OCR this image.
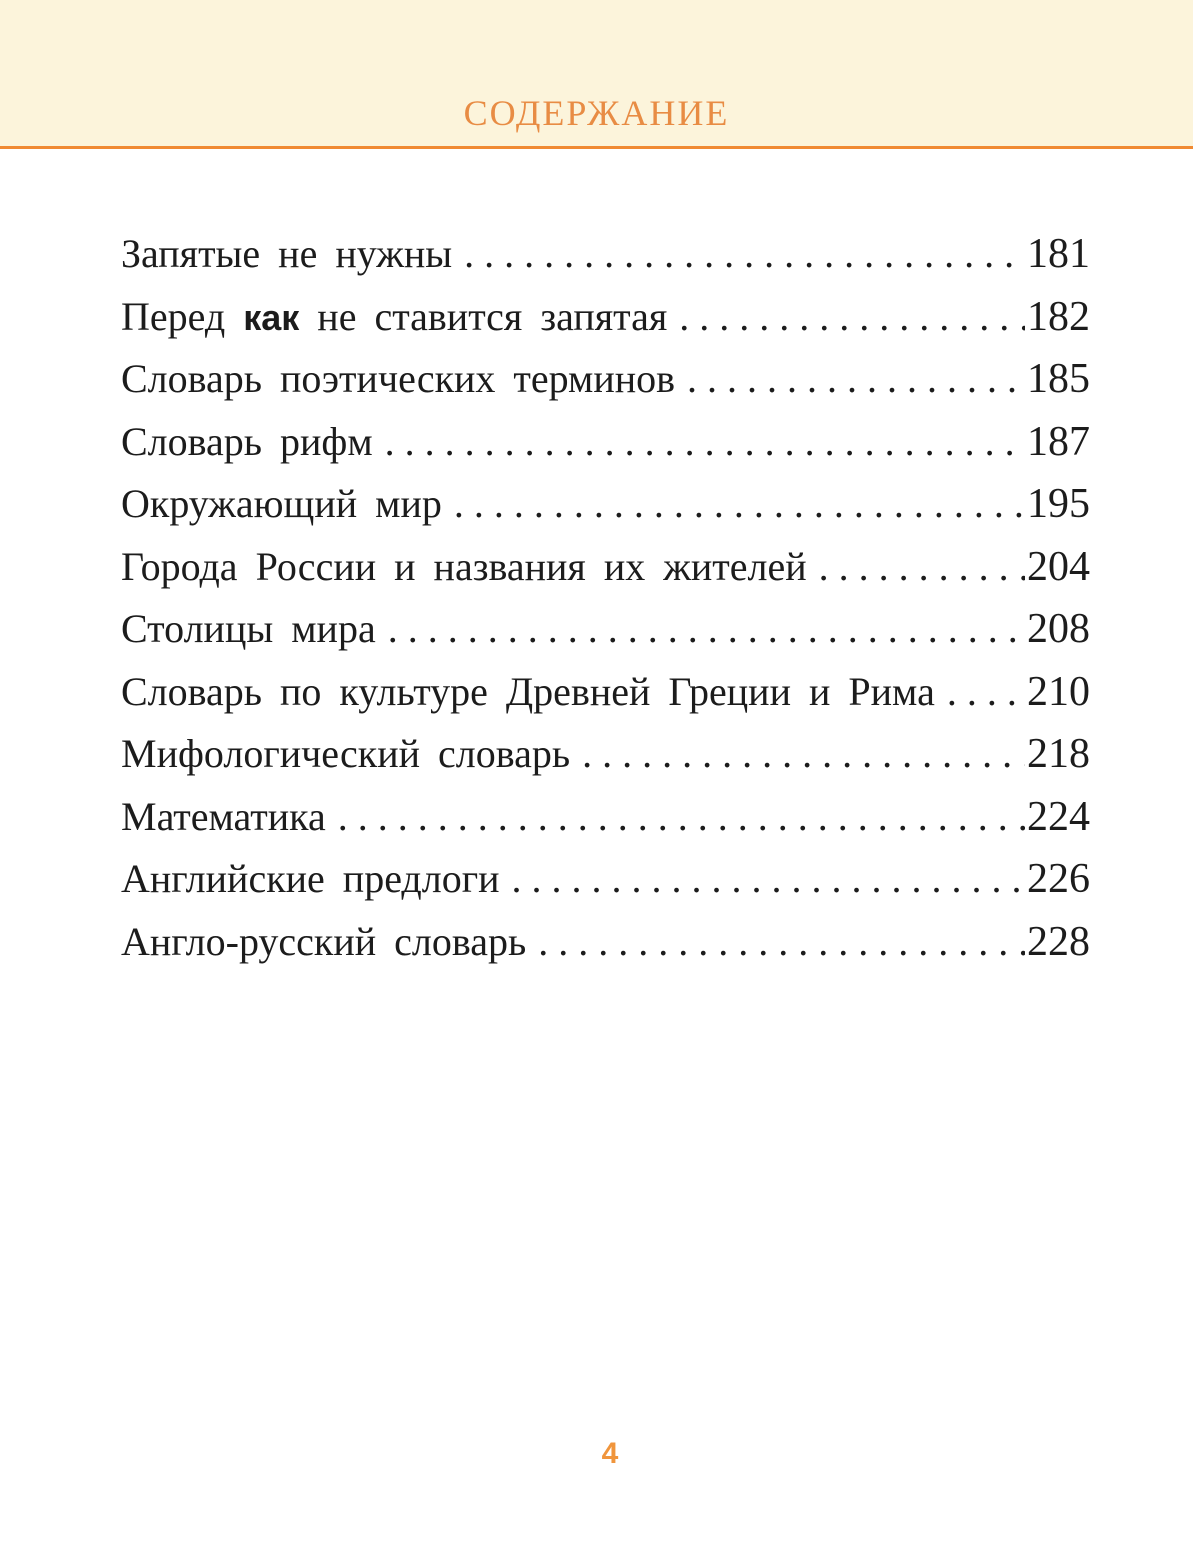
СОДЕРЖАНИЕ
Запятые не нужны .....	181
Перед как не ставится запятая .....	182
Словарь поэтических терминов .....	185
Словарь рифм .....	187
Окружающий мир .....	195
Города России и названия их жителей .....	204
Столицы мира .....	208
Словарь по культуре Древней Греции и Рима ..... 210
Мифологический словарь .....	218
Математика .....	224
Английские предлоги .....	226
Англо-русский словарь .....	228
4
